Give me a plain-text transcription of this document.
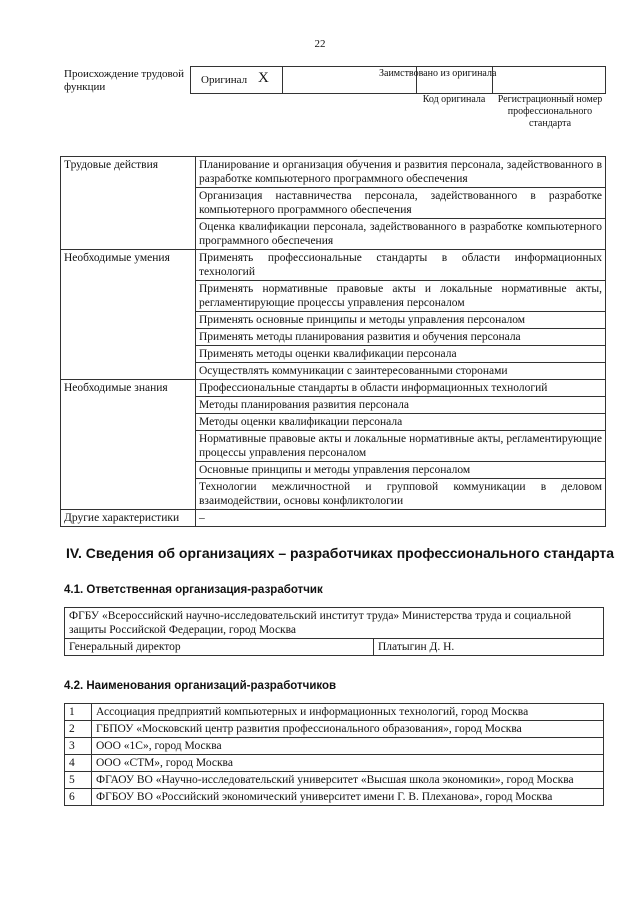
22
Происхождение трудовой функции
Оригинал X	Заимствовано из оригинала
Код оригинала	Регистрационный номер профессионального стандарта
Трудовые действия	Планирование и организация обучения и развития персонала, задействованного в разработке компьютерного программного обеспечения
	Организация наставничества персонала, задействованного в разработке компьютерного программного обеспечения
	Оценка квалификации персонала, задействованного в разработке компьютерного программного обеспечения
Необходимые умения	Применять профессиональные стандарты в области информационных технологий
	Применять нормативные правовые акты и локальные нормативные акты, регламентирующие процессы управления персоналом
	Применять основные принципы и методы управления персоналом
	Применять методы планирования развития и обучения персонала
	Применять методы оценки квалификации персонала
	Осуществлять коммуникации с заинтересованными сторонами
Необходимые знания	Профессиональные стандарты в области информационных технологий
	Методы планирования развития персонала
	Методы оценки квалификации персонала
	Нормативные правовые акты и локальные нормативные акты, регламентирующие процессы управления персоналом
	Основные принципы и методы управления персоналом
	Технологии межличностной и групповой коммуникации в деловом взаимодействии, основы конфликтологии
Другие характеристики	–
IV. Сведения об организациях – разработчиках профессионального стандарта
4.1. Ответственная организация-разработчик
ФГБУ «Всероссийский научно-исследовательский институт труда» Министерства труда и социальной защиты Российской Федерации, город Москва
Генеральный директор	Платыгин Д. Н.
4.2. Наименования организаций-разработчиков
1	Ассоциация предприятий компьютерных и информационных технологий, город Москва
2	ГБПОУ «Московский центр развития профессионального образования», город Москва
3	ООО «1С», город Москва
4	ООО «СТМ», город Москва
5	ФГАОУ ВО «Научно-исследовательский университет «Высшая школа экономики», город Москва
6	ФГБОУ ВО «Российский экономический университет имени Г. В. Плеханова», город Москва
